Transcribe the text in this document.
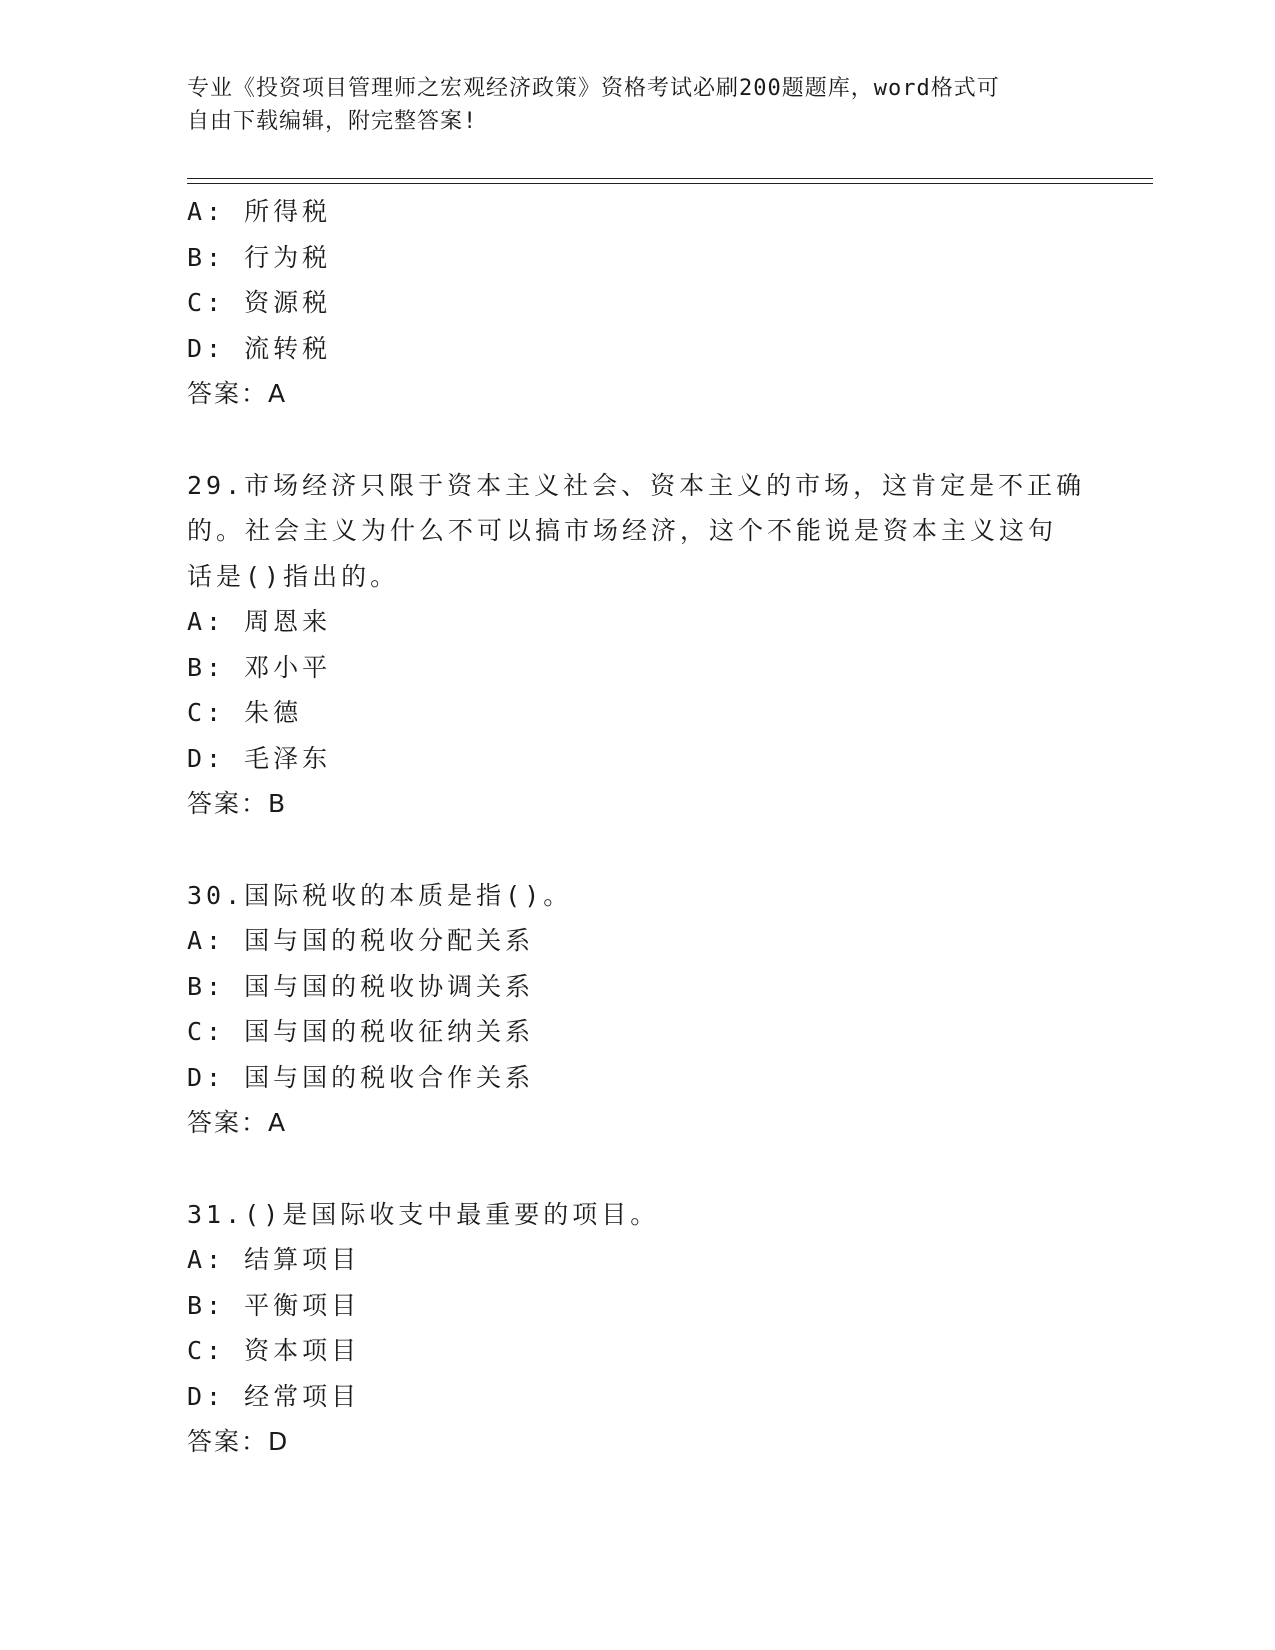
专业《投资项目管理师之宏观经济政策》资格考试必刷200题题库，word格式可
自由下载编辑，附完整答案!
A: 所得税
B: 行为税
C: 资源税
D: 流转税
答案：A
29.市场经济只限于资本主义社会、资本主义的市场，这肯定是不正确
的。社会主义为什么不可以搞市场经济，这个不能说是资本主义这句
话是()指出的。
A: 周恩来
B: 邓小平
C: 朱德
D: 毛泽东
答案：B
30.国际税收的本质是指()。
A: 国与国的税收分配关系
B: 国与国的税收协调关系
C: 国与国的税收征纳关系
D: 国与国的税收合作关系
答案：A
31.()是国际收支中最重要的项目。
A: 结算项目
B: 平衡项目
C: 资本项目
D: 经常项目
答案：D
